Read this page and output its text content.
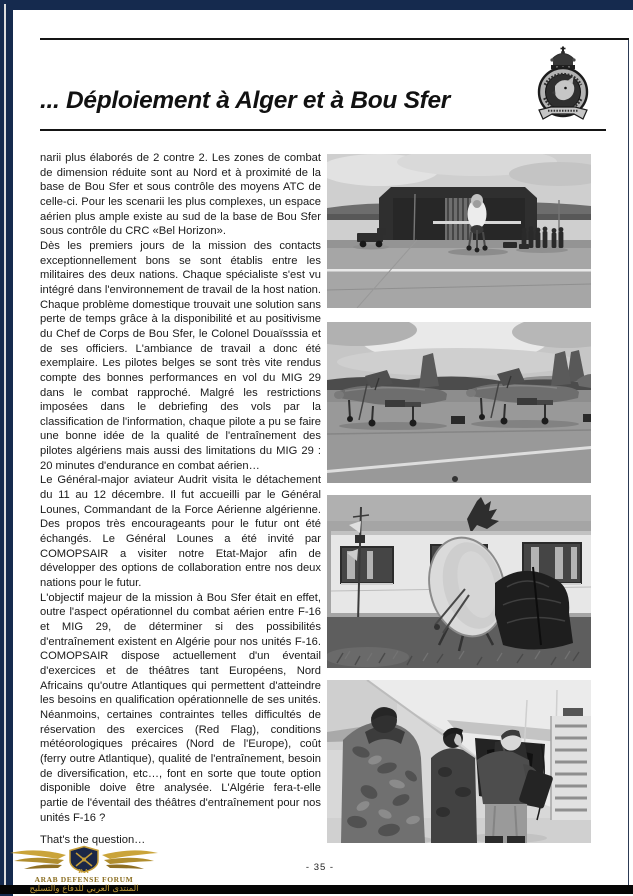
... Déploiement à Alger et à Bou Sfer

narii plus élaborés de 2 contre 2. Les zones de combat de dimension réduite sont au Nord et à proximité de la base de Bou Sfer et sous contrôle des moyens ATC de celle-ci. Pour les scenarii les plus complexes, un espace aérien plus ample existe au sud de la base de Bou Sfer sous contrôle du CRC «Bel Horizon».

Dès les premiers jours de la mission des contacts exceptionnellement bons se sont établis entre les militaires des deux nations. Chaque spécialiste s'est vu intégré dans l'environnement de travail de la host nation. Chaque problème domestique trouvait une solution sans perte de temps grâce à la disponibilité et au positivisme du Chef de Corps de Bou Sfer, le Colonel Douaïsssia et de ses officiers. L'ambiance de travail a donc été exemplaire. Les pilotes belges se sont très vite rendus compte des bonnes performances en vol du MIG 29 dans le combat rapproché. Malgré les restrictions imposées dans le debriefing des vols par la classification de l'information, chaque pilote a pu se faire une bonne idée de la qualité de l'entraînement des pilotes algériens mais aussi des limitations du MIG 29 : 20 minutes d'endurance en combat aérien…

Le Général-major aviateur Audrit visita le détachement du 11 au 12 décembre. Il fut accueilli par le Général Lounes, Commandant de la Force Aérienne algérienne. Des propos très encourageants pour le futur ont été échangés. Le Général Lounes a été invité par COMOPSAIR a visiter notre Etat-Major afin de développer des options de collaboration entre nos deux nations pour le futur.

L'objectif majeur de la mission à Bou Sfer était en effet, outre l'aspect opérationnel du combat aérien entre F-16 et MIG 29, de déterminer si des possibilités d'entraînement existent en Algérie pour nos unités F-16. COMOPSAIR dispose actuellement d'un éventail d'exercices et de théâtres tant Européens, Nord Africains qu'outre Atlantiques qui permettent d'atteindre les besoins en qualification opérationnelle de ses unités. Néanmoins, certaines contraintes telles difficultés de réservation des exercices (Red Flag), conditions météorologiques précaires (Nord de l'Europe), coût (ferry outre Atlantique), qualité de l'entraînement, besoin de diversification, etc…, font en sorte que toute option disponible doive être analysée. L'Algérie fera-t-elle partie de l'éventail des théâtres d'entraînement pour nos unités F-16 ?

That's the question…

- 35 -
DA
ARAB DEFENSE FORUM
المنتدى العربي للدفاع والتسليح
